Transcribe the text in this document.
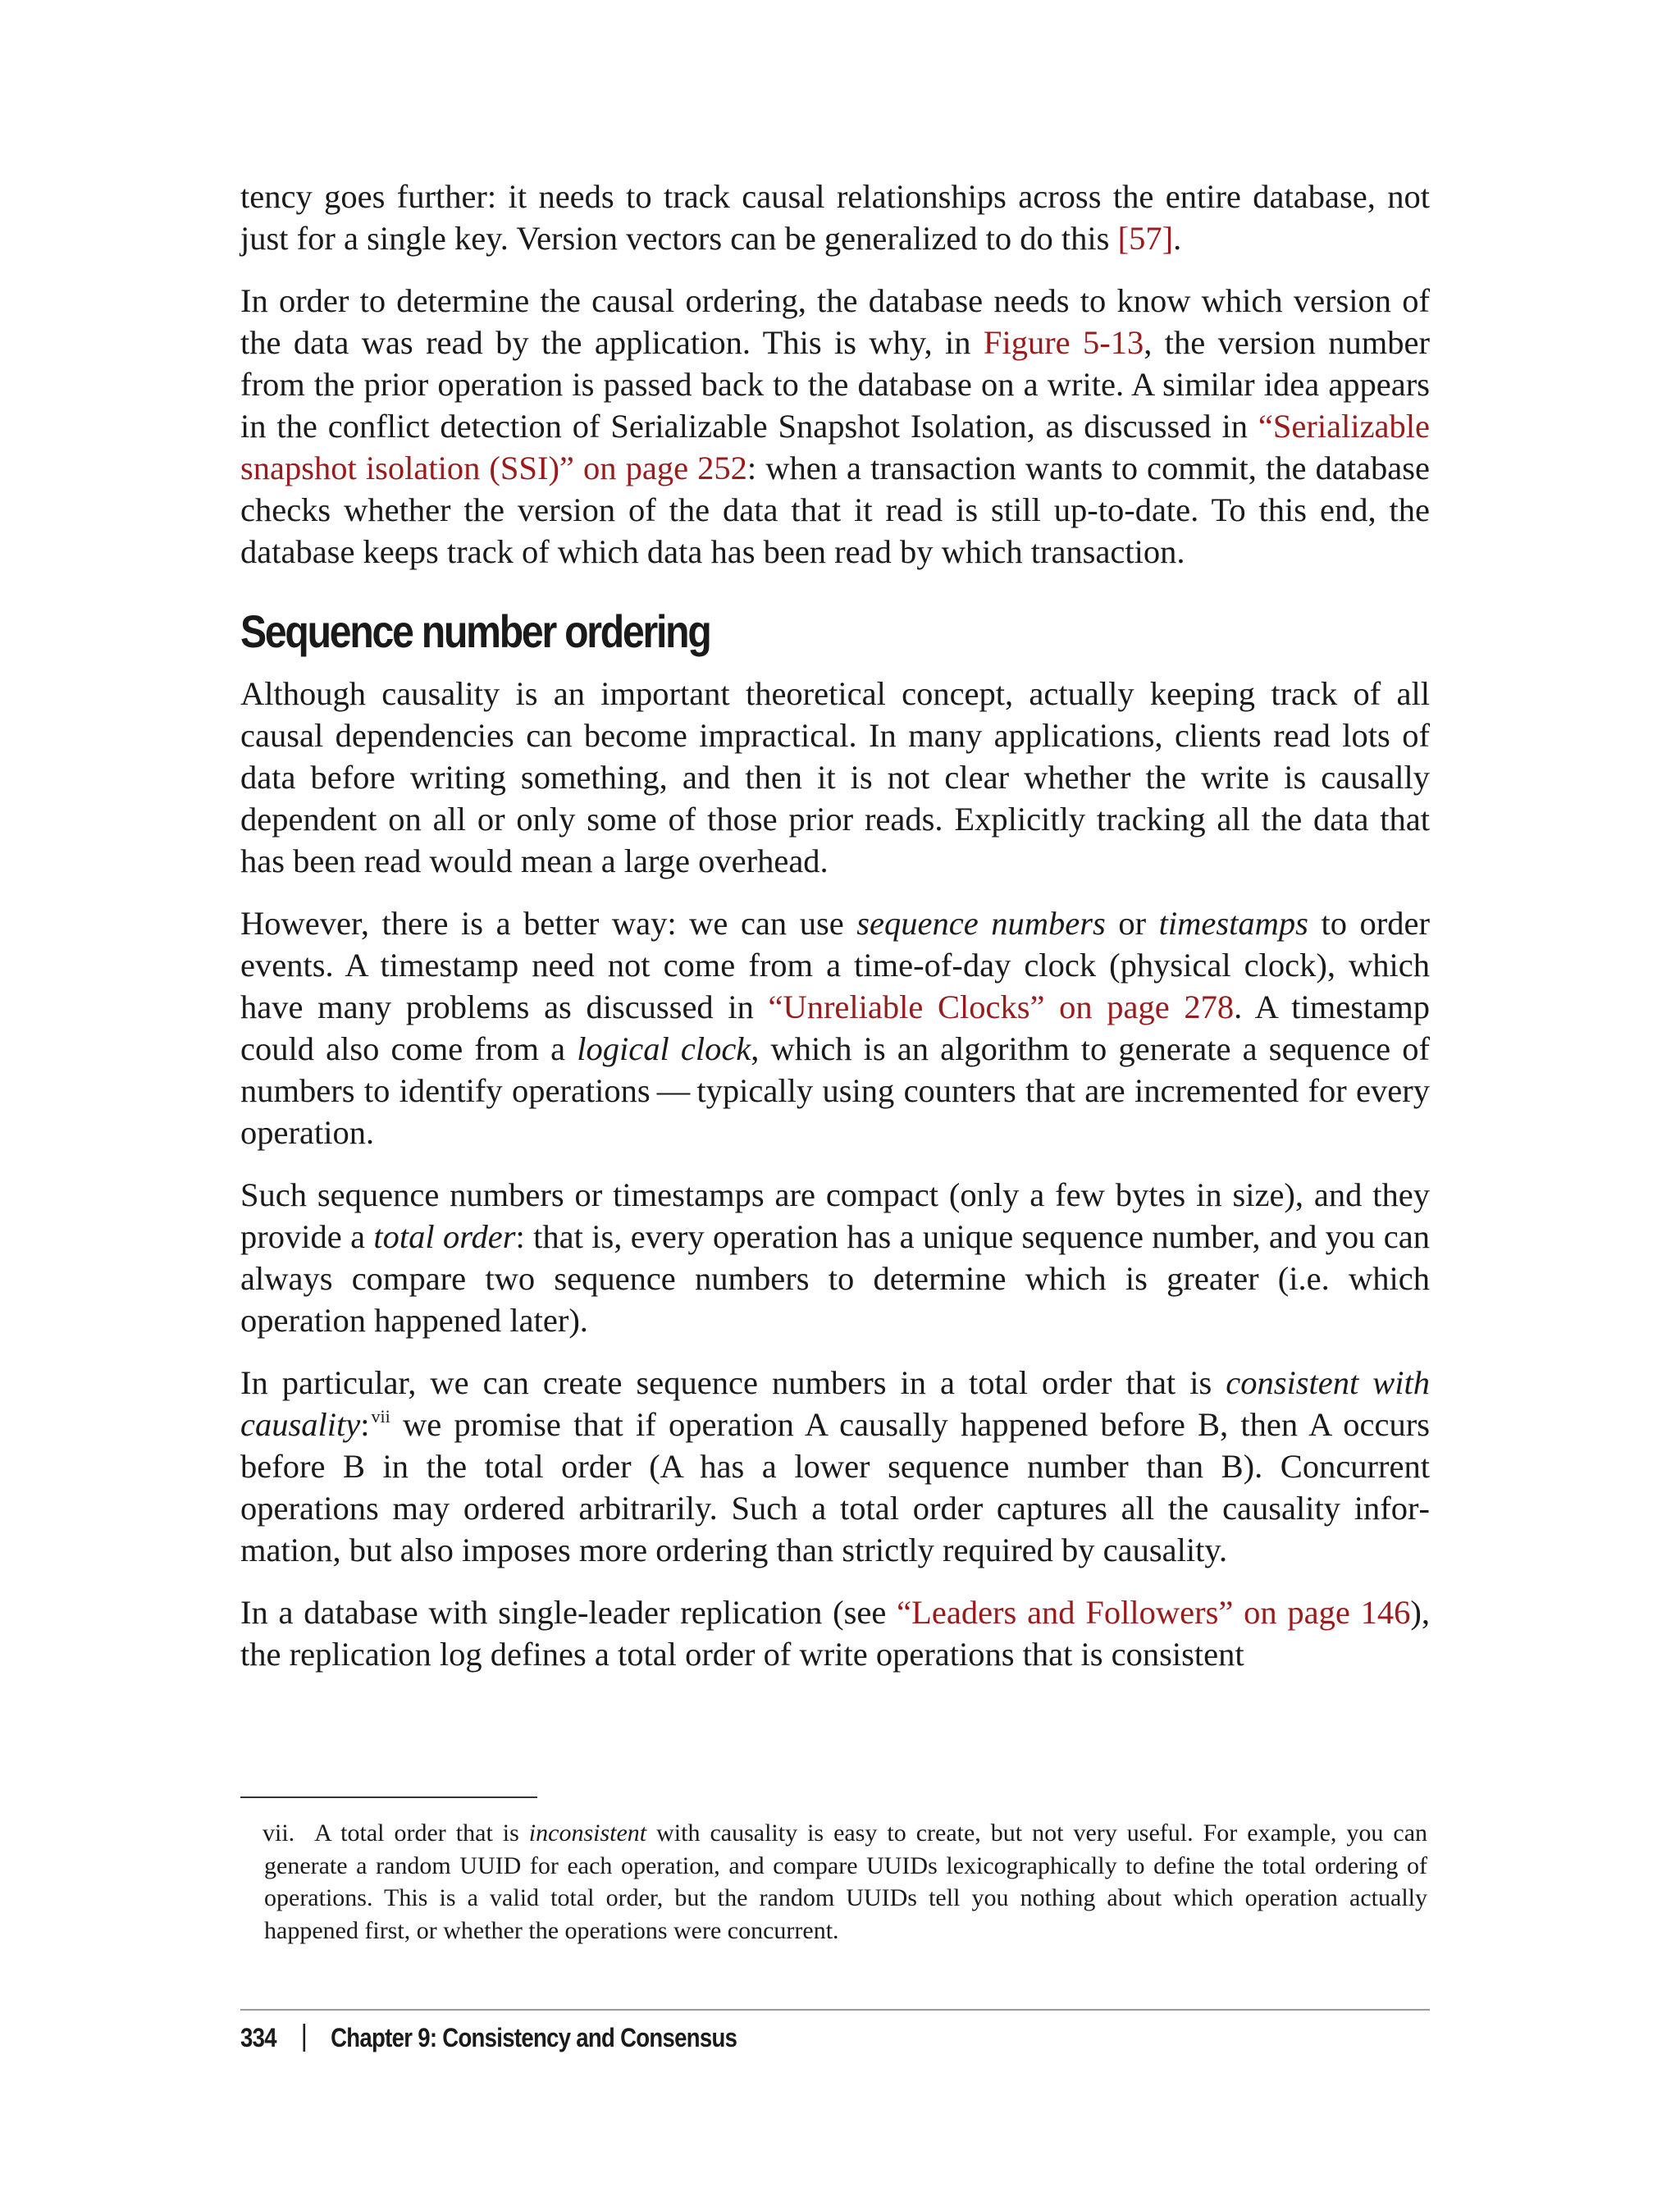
tency goes further: it needs to track causal relationships across the entire database, not just for a single key. Version vectors can be generalized to do this [57].

In order to determine the causal ordering, the database needs to know which version of the data was read by the application. This is why, in Figure 5-13, the version number from the prior operation is passed back to the database on a write. A similar idea appears in the conflict detection of Serializable Snapshot Isolation, as discussed in “Serializable snapshot isolation (SSI)” on page 252: when a transaction wants to commit, the database checks whether the version of the data that it read is still up-to-date. To this end, the database keeps track of which data has been read by which transaction.

Sequence number ordering

Although causality is an important theoretical concept, actually keeping track of all causal dependencies can become impractical. In many applications, clients read lots of data before writing something, and then it is not clear whether the write is causally dependent on all or only some of those prior reads. Explicitly tracking all the data that has been read would mean a large overhead.

However, there is a better way: we can use sequence numbers or timestamps to order events. A timestamp need not come from a time-of-day clock (physical clock), which have many problems as discussed in “Unreliable Clocks” on page 278. A timestamp could also come from a logical clock, which is an algorithm to generate a sequence of numbers to identify operations — typically using counters that are incremented for every operation.

Such sequence numbers or timestamps are compact (only a few bytes in size), and they provide a total order: that is, every operation has a unique sequence number, and you can always compare two sequence numbers to determine which is greater (i.e. which operation happened later).

In particular, we can create sequence numbers in a total order that is consistent with causality:$^{vii}$ we promise that if operation A causally happened before B, then A occurs before B in the total order (A has a lower sequence number than B). Concurrent operations may ordered arbitrarily. Such a total order captures all the causality information, but also imposes more ordering than strictly required by causality.

In a database with single-leader replication (see “Leaders and Followers” on page 146), the replication log defines a total order of write operations that is consistent

vii. A total order that is inconsistent with causality is easy to create, but not very useful. For example, you can generate a random UUID for each operation, and compare UUIDs lexicographically to define the total ordering of operations. This is a valid total order, but the random UUIDs tell you nothing about which operation actually happened first, or whether the operations were concurrent.

334 Chapter 9: Consistency and Consensus
